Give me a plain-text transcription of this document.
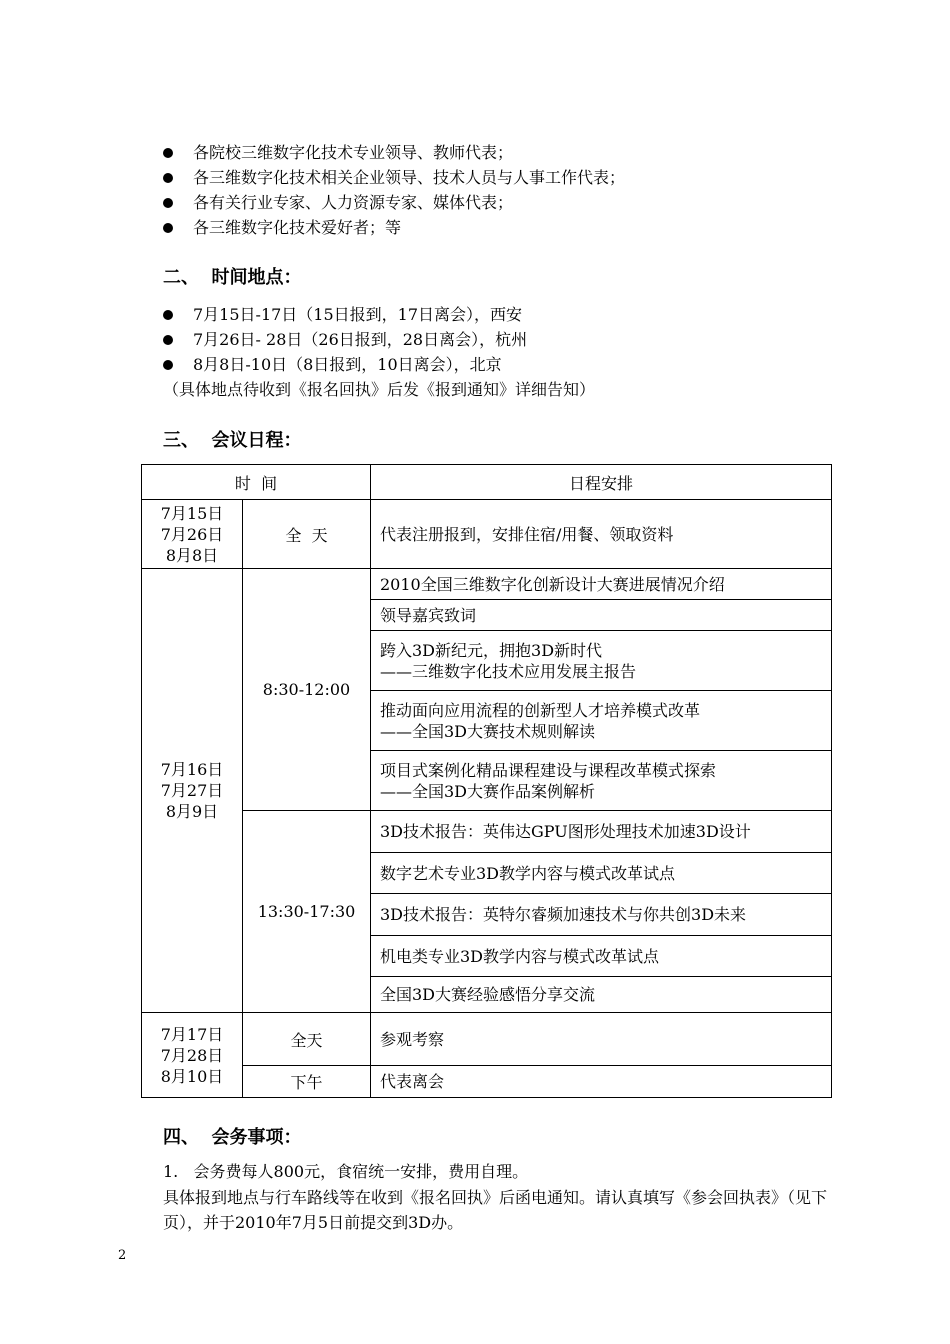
各院校三维数字化技术专业领导、教师代表；
各三维数字化技术相关企业领导、技术人员与人事工作代表；
各有关行业专家、人力资源专家、媒体代表；
各三维数字化技术爱好者；等
二、  时间地点：
7月15日-17日（15日报到，17日离会），西安
7月26日- 28日（26日报到，28日离会），杭州
8月8日-10日（8日报到，10日离会），北京
（具体地点待收到《报名回执》后发《报到通知》详细告知）
三、  会议日程：
时  间		日程安排

7月15日
7月26日
8月8日	全  天	代表注册报到，安排住宿/用餐、领取资料

7月16日
7月27日
8月9日	8:30-12:00	2010全国三维数字化创新设计大赛进展情况介绍

		领导嘉宾致词

		跨入3D新纪元，拥抱3D新时代
——三维数字化技术应用发展主报告

		推动面向应用流程的创新型人才培养模式改革
——全国3D大赛技术规则解读

		项目式案例化精品课程建设与课程改革模式探索
——全国3D大赛作品案例解析

	13:30-17:30	3D技术报告：英伟达GPU图形处理技术加速3D设计
		数字艺术专业3D教学内容与模式改革试点
		3D技术报告：英特尔睿频加速技术与你共创3D未来
		机电类专业3D教学内容与模式改革试点
		全国3D大赛经验感悟分享交流

7月17日
7月28日
8月10日	全天	参观考察
	下午	代表离会
四、  会务事项：
1.   会务费每人800元，食宿统一安排，费用自理。
具体报到地点与行车路线等在收到《报名回执》后函电通知。请认真填写《参会回执表》（见下页），并于2010年7月5日前提交到3D办。
2
